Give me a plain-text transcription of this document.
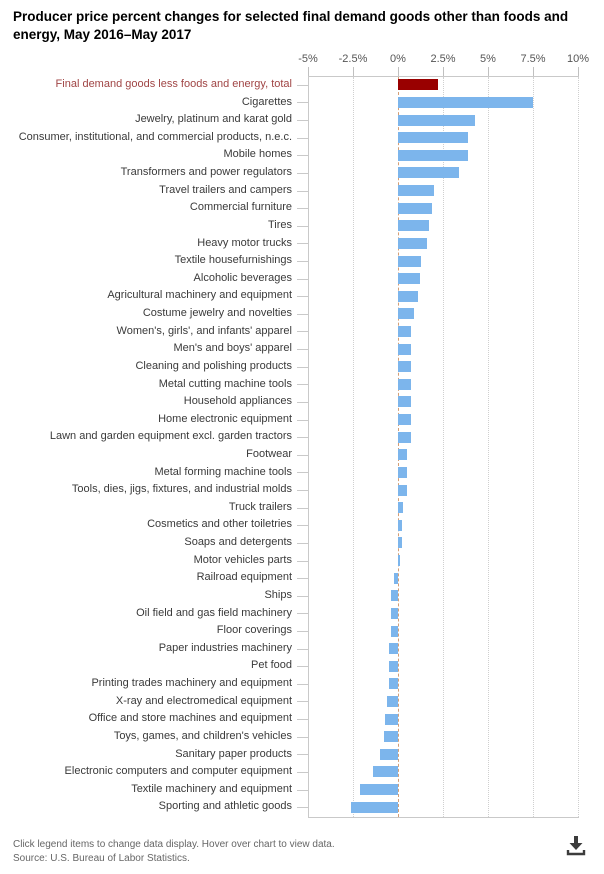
Producer price percent changes for selected final demand goods other than foods and energy, May 2016–May 2017
-5% -2.5% 0% 2.5% 5% 7.5% 10%
Final demand goods less foods and energy, total
Cigarettes
Jewelry, platinum and karat gold
Consumer, institutional, and commercial products, n.e.c.
Mobile homes
Transformers and power regulators
Travel trailers and campers
Commercial furniture
Tires
Heavy motor trucks
Textile housefurnishings
Alcoholic beverages
Agricultural machinery and equipment
Costume jewelry and novelties
Women's, girls', and infants' apparel
Men's and boys' apparel
Cleaning and polishing products
Metal cutting machine tools
Household appliances
Home electronic equipment
Lawn and garden equipment excl. garden tractors
Footwear
Metal forming machine tools
Tools, dies, jigs, fixtures, and industrial molds
Truck trailers
Cosmetics and other toiletries
Soaps and detergents
Motor vehicles parts
Railroad equipment
Ships
Oil field and gas field machinery
Floor coverings
Paper industries machinery
Pet food
Printing trades machinery and equipment
X-ray and electromedical equipment
Office and store machines and equipment
Toys, games, and children's vehicles
Sanitary paper products
Electronic computers and computer equipment
Textile machinery and equipment
Sporting and athletic goods
Click legend items to change data display. Hover over chart to view data.
Source: U.S. Bureau of Labor Statistics.
